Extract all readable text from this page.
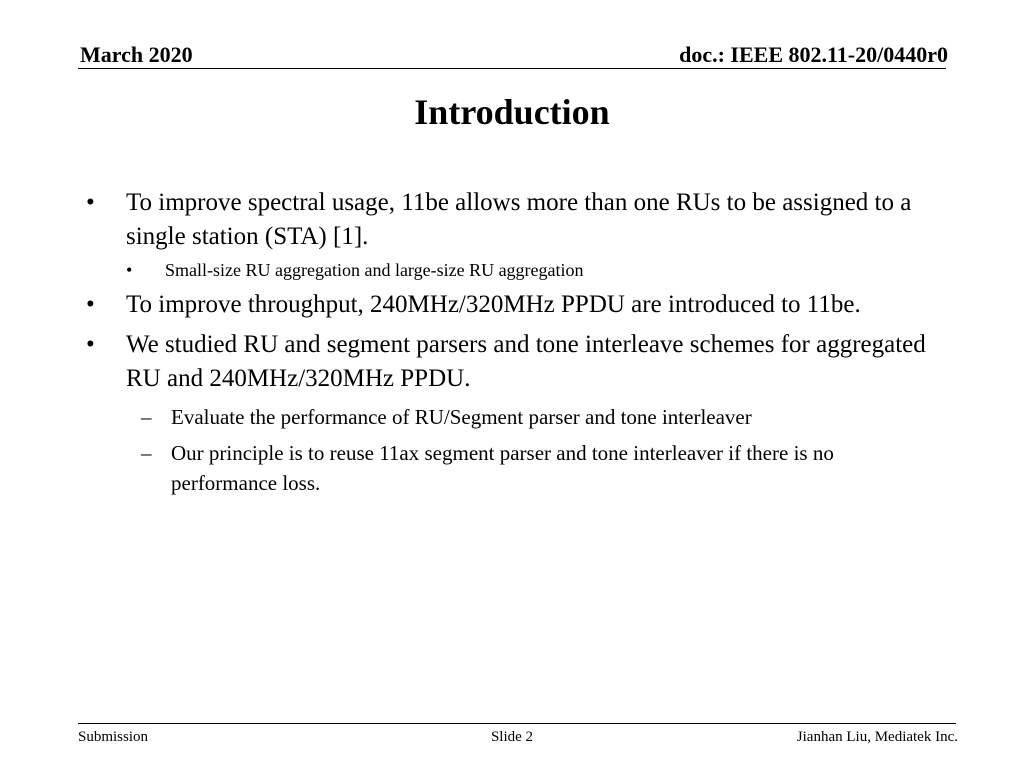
March 2020	doc.: IEEE 802.11-20/0440r0
Introduction
• To improve spectral usage, 11be allows more than one RUs to be assigned to a single station (STA) [1].
• Small-size RU aggregation and large-size RU aggregation
• To improve throughput, 240MHz/320MHz PPDU are introduced to 11be.
• We studied RU and segment parsers and tone interleave schemes for aggregated RU and 240MHz/320MHz PPDU.
– Evaluate the performance of RU/Segment parser and tone interleaver
– Our principle is to reuse 11ax segment parser and tone interleaver if there is no performance loss.
Submission	Slide 2	Jianhan Liu, Mediatek Inc.
